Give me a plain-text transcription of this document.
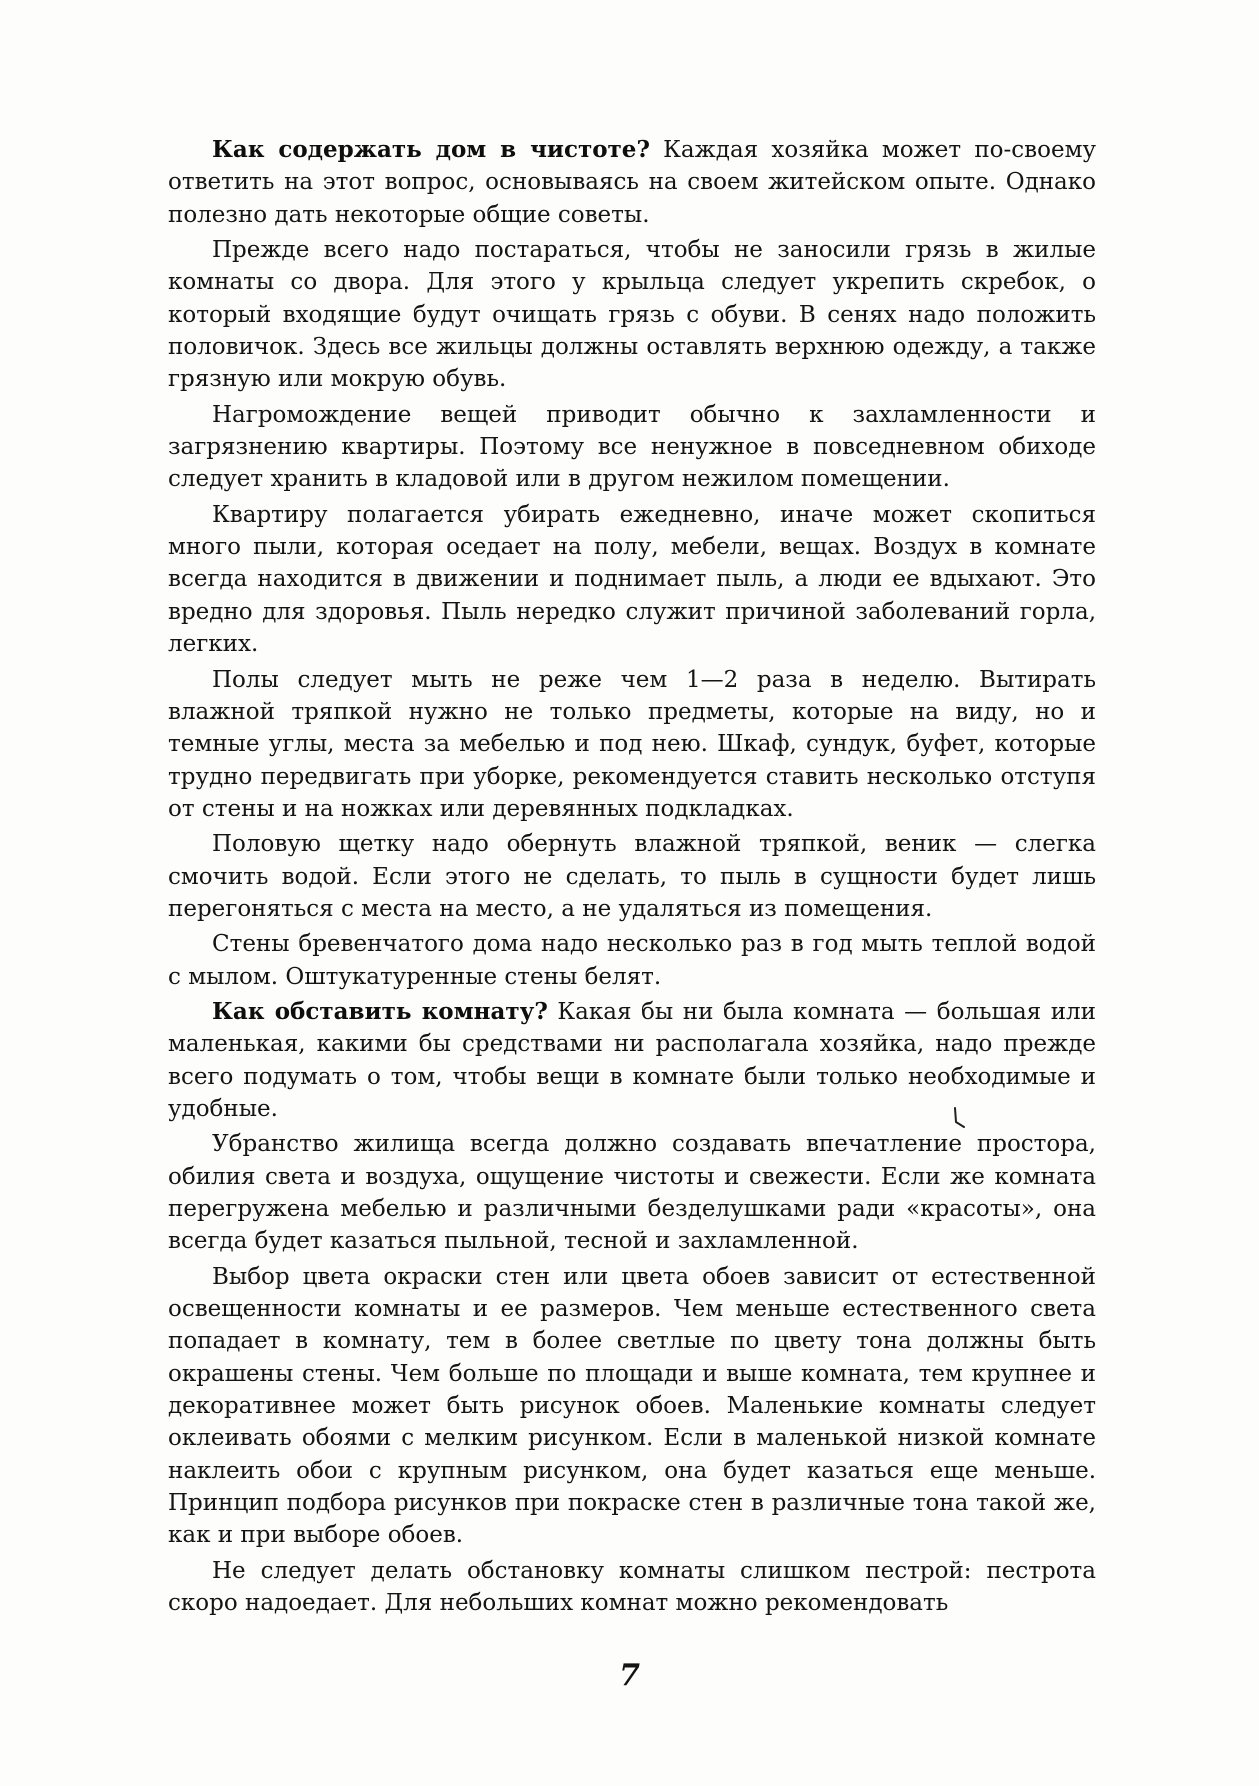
Как содержать дом в чистоте? Каждая хозяйка может по-своему ответить на этот вопрос, основываясь на своем житейском опыте. Однако полезно дать некоторые общие советы.

Прежде всего надо постараться, чтобы не заносили грязь в жилые комнаты со двора. Для этого у крыльца следует укрепить скребок, о который входящие будут очищать грязь с обуви. В сенях надо положить половичок. Здесь все жильцы должны оставлять верхнюю одежду, а также грязную или мокрую обувь.

Нагромождение вещей приводит обычно к захламленности и загрязнению квартиры. Поэтому все ненужное в повседневном обиходе следует хранить в кладовой или в другом нежилом помещении.

Квартиру полагается убирать ежедневно, иначе может скопиться много пыли, которая оседает на полу, мебели, вещах. Воздух в комнате всегда находится в движении и поднимает пыль, а люди ее вдыхают. Это вредно для здоровья. Пыль нередко служит причиной заболеваний горла, легких.

Полы следует мыть не реже чем 1—2 раза в неделю. Вытирать влажной тряпкой нужно не только предметы, которые на виду, но и темные углы, места за мебелью и под нею. Шкаф, сундук, буфет, которые трудно передвигать при уборке, рекомендуется ставить несколько отступя от стены и на ножках или деревянных подкладках.

Половую щетку надо обернуть влажной тряпкой, веник — слегка смочить водой. Если этого не сделать, то пыль в сущности будет лишь перегоняться с места на место, а не удаляться из помещения.

Стены бревенчатого дома надо несколько раз в год мыть теплой водой с мылом. Оштукатуренные стены белят.

Как обставить комнату? Какая бы ни была комната — большая или маленькая, какими бы средствами ни располагала хозяйка, надо прежде всего подумать о том, чтобы вещи в комнате были только необходимые и удобные.

Убранство жилища всегда должно создавать впечатление простора, обилия света и воздуха, ощущение чистоты и свежести. Если же комната перегружена мебелью и различными безделушками ради «красоты», она всегда будет казаться пыльной, тесной и захламленной.

Выбор цвета окраски стен или цвета обоев зависит от естественной освещенности комнаты и ее размеров. Чем меньше естественного света попадает в комнату, тем в более светлые по цвету тона должны быть окрашены стены. Чем больше по площади и выше комната, тем крупнее и декоративнее может быть рисунок обоев. Маленькие комнаты следует оклеивать обоями с мелким рисунком. Если в маленькой низкой комнате наклеить обои с крупным рисунком, она будет казаться еще меньше. Принцип подбора рисунков при покраске стен в различные тона такой же, как и при выборе обоев.

Не следует делать обстановку комнаты слишком пестрой: пестрота скоро надоедает. Для небольших комнат можно рекомендовать

7
